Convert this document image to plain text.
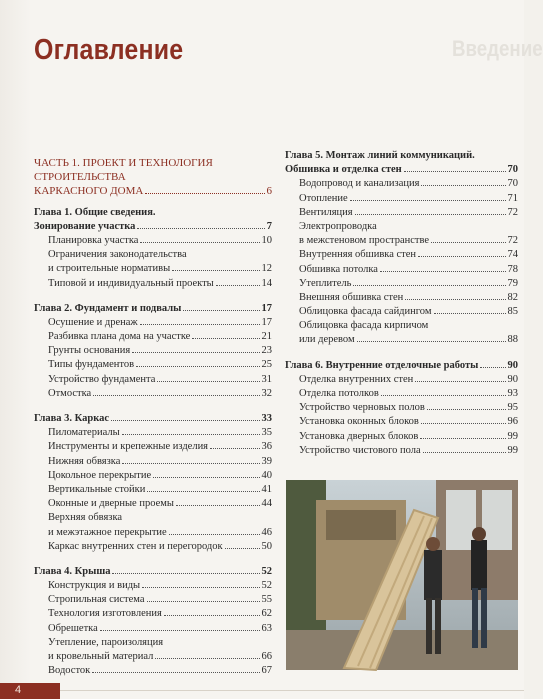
Введение
Оглавление
ЧАСТЬ 1. ПРОЕКТ И ТЕХНОЛОГИЯ
СТРОИТЕЛЬСТВА
КАРКАСНОГО ДОМА	6
Глава 1. Общие сведения.
Зонирование участка	7
Планировка участка	10
Ограничения законодательства
и строительные нормативы	12
Типовой и индивидуальный проекты	14
Глава 2. Фундамент и подвалы	17
Осушение и дренаж	17
Разбивка плана дома на участке	21
Грунты основания	23
Типы фундаментов	25
Устройство фундамента	31
Отмостка	32
Глава 3. Каркас	33
Пиломатериалы	35
Инструменты и крепежные изделия	36
Нижняя обвязка	39
Цокольное перекрытие	40
Вертикальные стойки	41
Оконные и дверные проемы	44
Верхняя обвязка
и межэтажное перекрытие	46
Каркас внутренних стен и перегородок	50
Глава 4. Крыша	52
Конструкция и виды	52
Стропильная система	55
Технология изготовления	62
Обрешетка	63
Утепление, пароизоляция
и кровельный материал	66
Водосток	67
Глава 5. Монтаж линий коммуникаций.
Обшивка и отделка стен	70
Водопровод и канализация	70
Отопление	71
Вентиляция	72
Электропроводка
в межстеновом пространстве	72
Внутренняя обшивка стен	74
Обшивка потолка	78
Утеплитель	79
Внешняя обшивка стен	82
Облицовка фасада сайдингом	85
Облицовка фасада кирпичом
или деревом	88
Глава 6. Внутренние отделочные работы	90
Отделка внутренних стен	90
Отделка потолков	93
Устройство черновых полов	95
Установка оконных блоков	96
Установка дверных блоков	99
Устройство чистового пола	99
4
